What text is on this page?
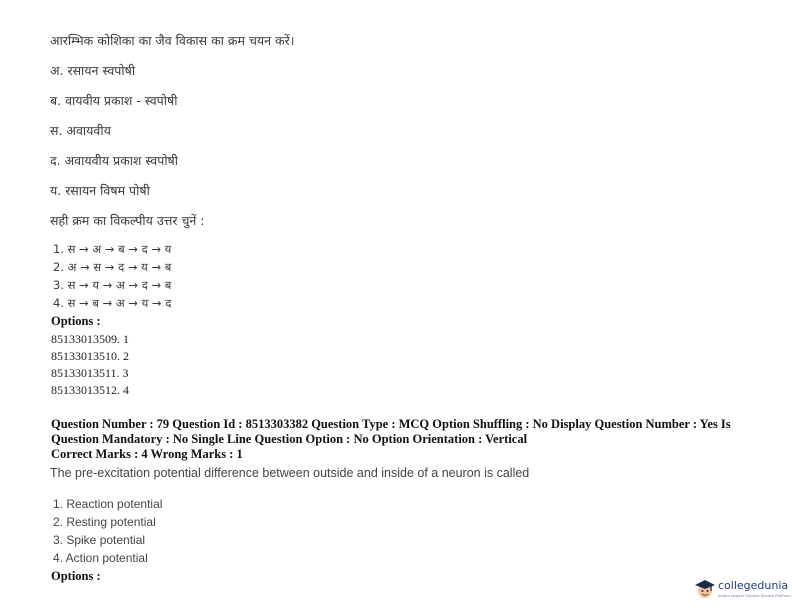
आरम्भिक कोशिका का जैव विकास का क्रम चयन करें।
अ. रसायन स्वपोषी
ब. वायवीय प्रकाश - स्वपोषी
स. अवायवीय
द. अवायवीय प्रकाश स्वपोषी
य. रसायन विषम पोषी
सही क्रम का विकल्पीय उत्तर चुनें :
1. स → अ → ब → द → य
2. अ → स → द → य → ब
3. स → य → अ → द → ब
4. स → ब → अ → य → द
Options :
85133013509. 1
85133013510. 2
85133013511. 3
85133013512. 4
Question Number : 79 Question Id : 8513303382 Question Type : MCQ Option Shuffling : No Display Question Number : Yes Is
Question Mandatory : No Single Line Question Option : No Option Orientation : Vertical
Correct Marks : 4 Wrong Marks : 1
The pre-excitation potential difference between outside and inside of a neuron is called
1. Reaction potential
2. Resting potential
3. Spike potential
4. Action potential
Options :
collegedunia
India's largest Student Review Platform
